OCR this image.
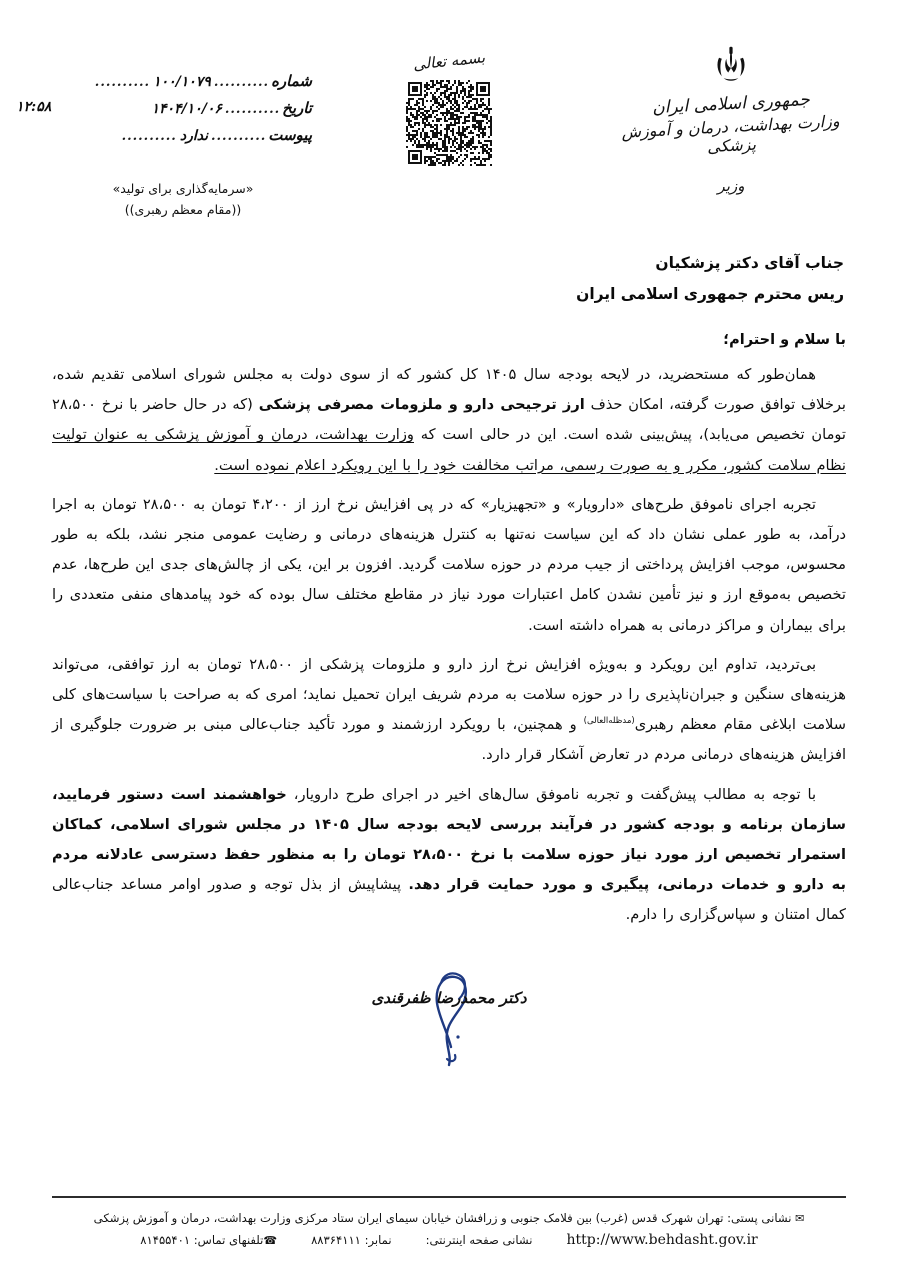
جمهوری اسلامی ایران
وزارت بهداشت، درمان و آموزش پزشکی
وزیر
بسمه تعالی
شماره
..........
۱۰۰/۱۰۷۹
..........
تاریخ
..........
۱۴۰۴/۱۰/۰۶
پیوست
..........
ندارد
..........
۱۲:۵۸
«سرمایه‌گذاری برای تولید»
((مقام معظم رهبری))
جناب آقای دکتر پزشکیان
ریس محترم جمهوری اسلامی ایران
با سلام و احترام؛

همان‌طور که مستحضرید، در لایحه بودجه سال ۱۴۰۵ کل کشور که از سوی دولت به مجلس شورای اسلامی تقدیم شده، برخلاف توافق صورت گرفته، امکان حذف ارز ترجیحی دارو و ملزومات مصرفی پزشکی (که در حال حاضر با نرخ ۲۸،۵۰۰ تومان تخصیص می‌یابد)، پیش‌بینی شده است. این در حالی است که وزارت بهداشت، درمان و آموزش پزشکی به عنوان تولیت نظام سلامت کشور، مکرر و به صورت رسمی، مراتب مخالفت خود را با این رویکرد اعلام نموده است.

تجربه اجرای ناموفق طرح‌های «دارویار» و «تجهیزیار» که در پی افزایش نرخ ارز از ۴،۲۰۰ تومان به ۲۸،۵۰۰ تومان به اجرا درآمد، به طور عملی نشان داد که این سیاست نه‌تنها به کنترل هزینه‌های درمانی و رضایت عمومی منجر نشد، بلکه به طور محسوس، موجب افزایش پرداختی از جیب مردم در حوزه سلامت گردید. افزون بر این، یکی از چالش‌های جدی این طرح‌ها، عدم تخصیص به‌موقع ارز و نیز تأمین نشدن کامل اعتبارات مورد نیاز در مقاطع مختلف سال بوده که خود پیامدهای منفی متعددی را برای بیماران و مراکز درمانی به همراه داشته است.

بی‌تردید، تداوم این رویکرد و به‌ویژه افزایش نرخ ارز دارو و ملزومات پزشکی از ۲۸،۵۰۰ تومان به ارز توافقی، می‌تواند هزینه‌های سنگین و جبران‌ناپذیری را در حوزه سلامت به مردم شریف ایران تحمیل نماید؛ امری که به صراحت با سیاست‌های کلی سلامت ابلاغی مقام معظم رهبری$^{(مدظله‌العالی)}$ و همچنین، با رویکرد ارزشمند و مورد تأکید جناب‌عالی مبنی بر ضرورت جلوگیری از افزایش هزینه‌های درمانی مردم در تعارض آشکار قرار دارد.

با توجه به مطالب پیش‌گفت و تجربه ناموفق سال‌های اخیر در اجرای طرح دارویار، خواهشمند است دستور فرمایید، سازمان برنامه و بودجه کشور در فرآیند بررسی لایحه بودجه سال ۱۴۰۵ در مجلس شورای اسلامی، کماکان استمرار تخصیص ارز مورد نیاز حوزه سلامت با نرخ ۲۸،۵۰۰ تومان را به منظور حفظ دسترسی عادلانه مردم به دارو و خدمات درمانی، پیگیری و مورد حمایت قرار دهد. پیشاپیش از بذل توجه و صدور اوامر مساعد جناب‌عالی کمال امتنان و سپاس‌گزاری را دارم.

دکتر محمدرضا ظفرقندی
✉ نشانی پستی: تهران شهرک قدس (غرب) بین فلامک جنوبی و زرافشان خیابان سیمای ایران ستاد مرکزی وزارت بهداشت، درمان و آموزش پزشکی
http://www.behdasht.gov.ir
نشانی صفحه اینترنتی:
نمابر: ۸۸۳۶۴۱۱۱
☎تلفنهای تماس: ۸۱۴۵۵۴۰۱
